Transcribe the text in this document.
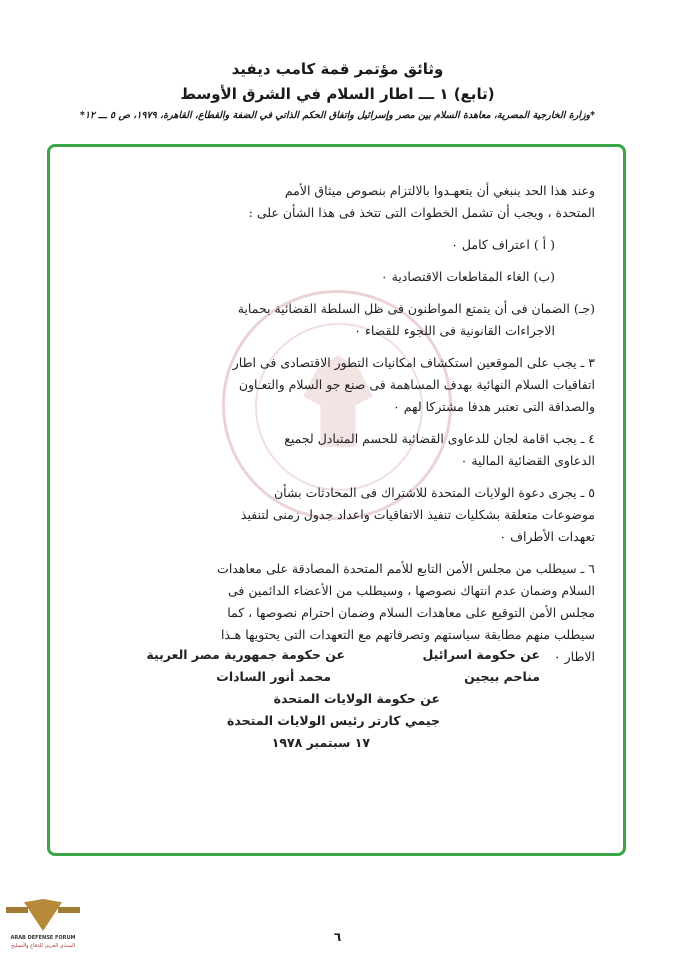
وثائق مؤتمر قمة كامب ديفيد
(تابع) ١ ـــ اطار السلام في الشرق الأوسط
*وزارة الخارجية المصرية، معاهدة السلام بين مصر وإسرائيل واتفاق الحكم الذاتي في الضفة والقطاع، القاهرة، ١٩٧٩، ص ٥ ـــ ١٢*

وعند هذا الحد ينبغي أن يتعهـدوا بالالتزام بنصوص ميثاق الأمم

المتحدة ، ويجب أن تشمل الخطوات التى تتخذ فى هذا الشأن على :

( أ ) اعتراف كامل ٠

(ب) الغاء المقاطعات الاقتصادية ٠

(جـ) الضمان فى أن يتمتع المواطنون فى ظل السلطة القضائية بحماية

الاجراءات القانونية فى اللجوء للقضاء ٠

٣ ـ يجب على الموقعين استكشاف امكانيات التطور الاقتصادى فى اطار

اتفاقيات السلام النهائية بهدف المساهمة فى صنع جو السلام والتعـاون

والصداقة التى تعتبر هدفا مشتركا لهم ٠

٤ ـ يجب اقامة لجان للدعاوى القضائية للحسم المتبادل لجميع

الدعاوى القضائية المالية ٠

٥ ـ يجرى دعوة الولايات المتحدة للاشتراك فى المحادثات بشأن

موضوعات متعلقة بشكليات تنفيذ الاتفاقيات واعداد جدول زمنى لتنفيذ

تعهدات الأطراف ٠

٦ ـ سيطلب من مجلس الأمن التابع للأمم المتحدة المصادقة على معاهدات

السلام وضمان عدم انتهاك نصوصها ، وسيطلب من الأعضاء الدائمين فى

مجلس الأمن التوقيع على معاهدات السلام وضمان احترام نصوصها ، كما

سيطلب منهم مطابقة سياستهم وتصرفاتهم مع التعهدات التى يحتويها هـذا

الاطار ٠

عن حكومة اسرائيل
مناحم بيجين
عن حكومة جمهورية مصر العربية
محمد أنور السادات
عن حكومة الولايات المتحدة
جيمي كارتر رئيس الولايات المتحدة
١٧ سبتمبر ١٩٧٨
٦
ARAB DEFENSE FORUM
المنتدى العربي للدفاع والتسليح
